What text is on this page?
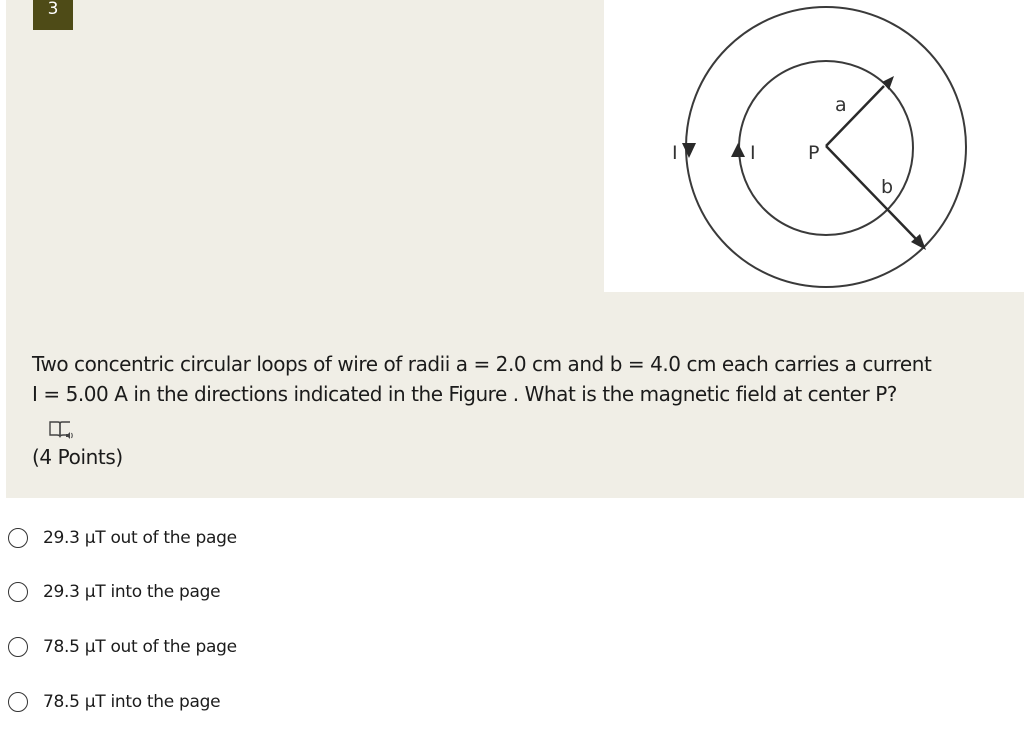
3
I	I	P
a
b

Two concentric circular loops of wire of radii a = 2.0 cm and b = 4.0 cm each carries a current

I = 5.00 A in the directions indicated in the Figure . What is the magnetic field at center P?

(4 Points)
29.3 μT out of the page
29.3 μT into the page
78.5 μT out of the page
78.5 μT into the page
